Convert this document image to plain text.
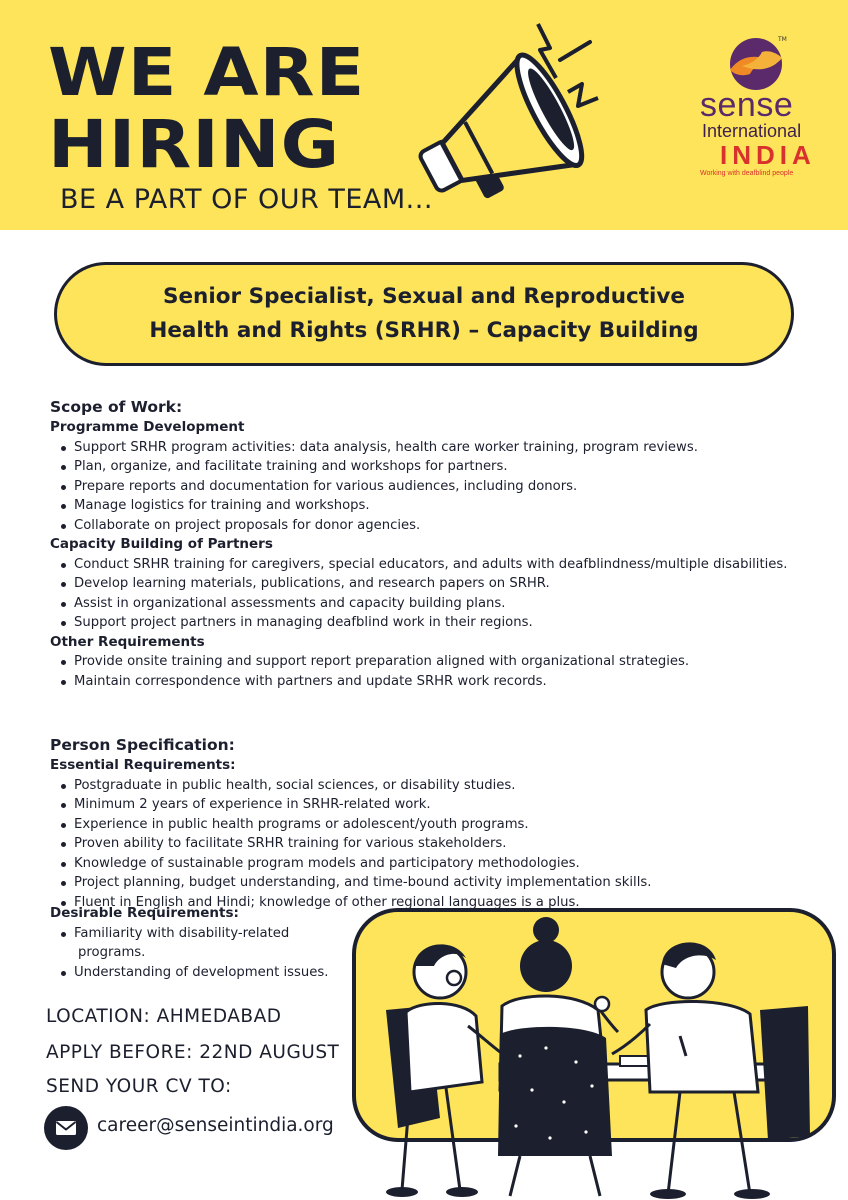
WE ARE
HIRING
BE A PART OF OUR TEAM...
TM
sense
International
INDIA
Working with deafblind people
Senior Specialist, Sexual and Reproductive
Health and Rights (SRHR) – Capacity Building
Scope of Work:
Programme Development
Support SRHR program activities: data analysis, health care worker training, program reviews.
Plan, organize, and facilitate training and workshops for partners.
Prepare reports and documentation for various audiences, including donors.
Manage logistics for training and workshops.
Collaborate on project proposals for donor agencies.
Capacity Building of Partners
Conduct SRHR training for caregivers, special educators, and adults with deafblindness/multiple disabilities.
Develop learning materials, publications, and research papers on SRHR.
Assist in organizational assessments and capacity building plans.
Support project partners in managing deafblind work in their regions.
Other Requirements
Provide onsite training and support report preparation aligned with organizational strategies.
Maintain correspondence with partners and update SRHR work records.
Person Specification:
Essential Requirements:
Postgraduate in public health, social sciences, or disability studies.
Minimum 2 years of experience in SRHR-related work.
Experience in public health programs or adolescent/youth programs.
Proven ability to facilitate SRHR training for various stakeholders.
Knowledge of sustainable program models and participatory methodologies.
Project planning, budget understanding, and time-bound activity implementation skills.
Fluent in English and Hindi; knowledge of other regional languages is a plus.
Desirable Requirements:
Familiarity with disability-related
programs.
Understanding of development issues.
LOCATION: AHMEDABAD
APPLY BEFORE: 22ND AUGUST
SEND YOUR CV TO:
career@senseintindia.org
